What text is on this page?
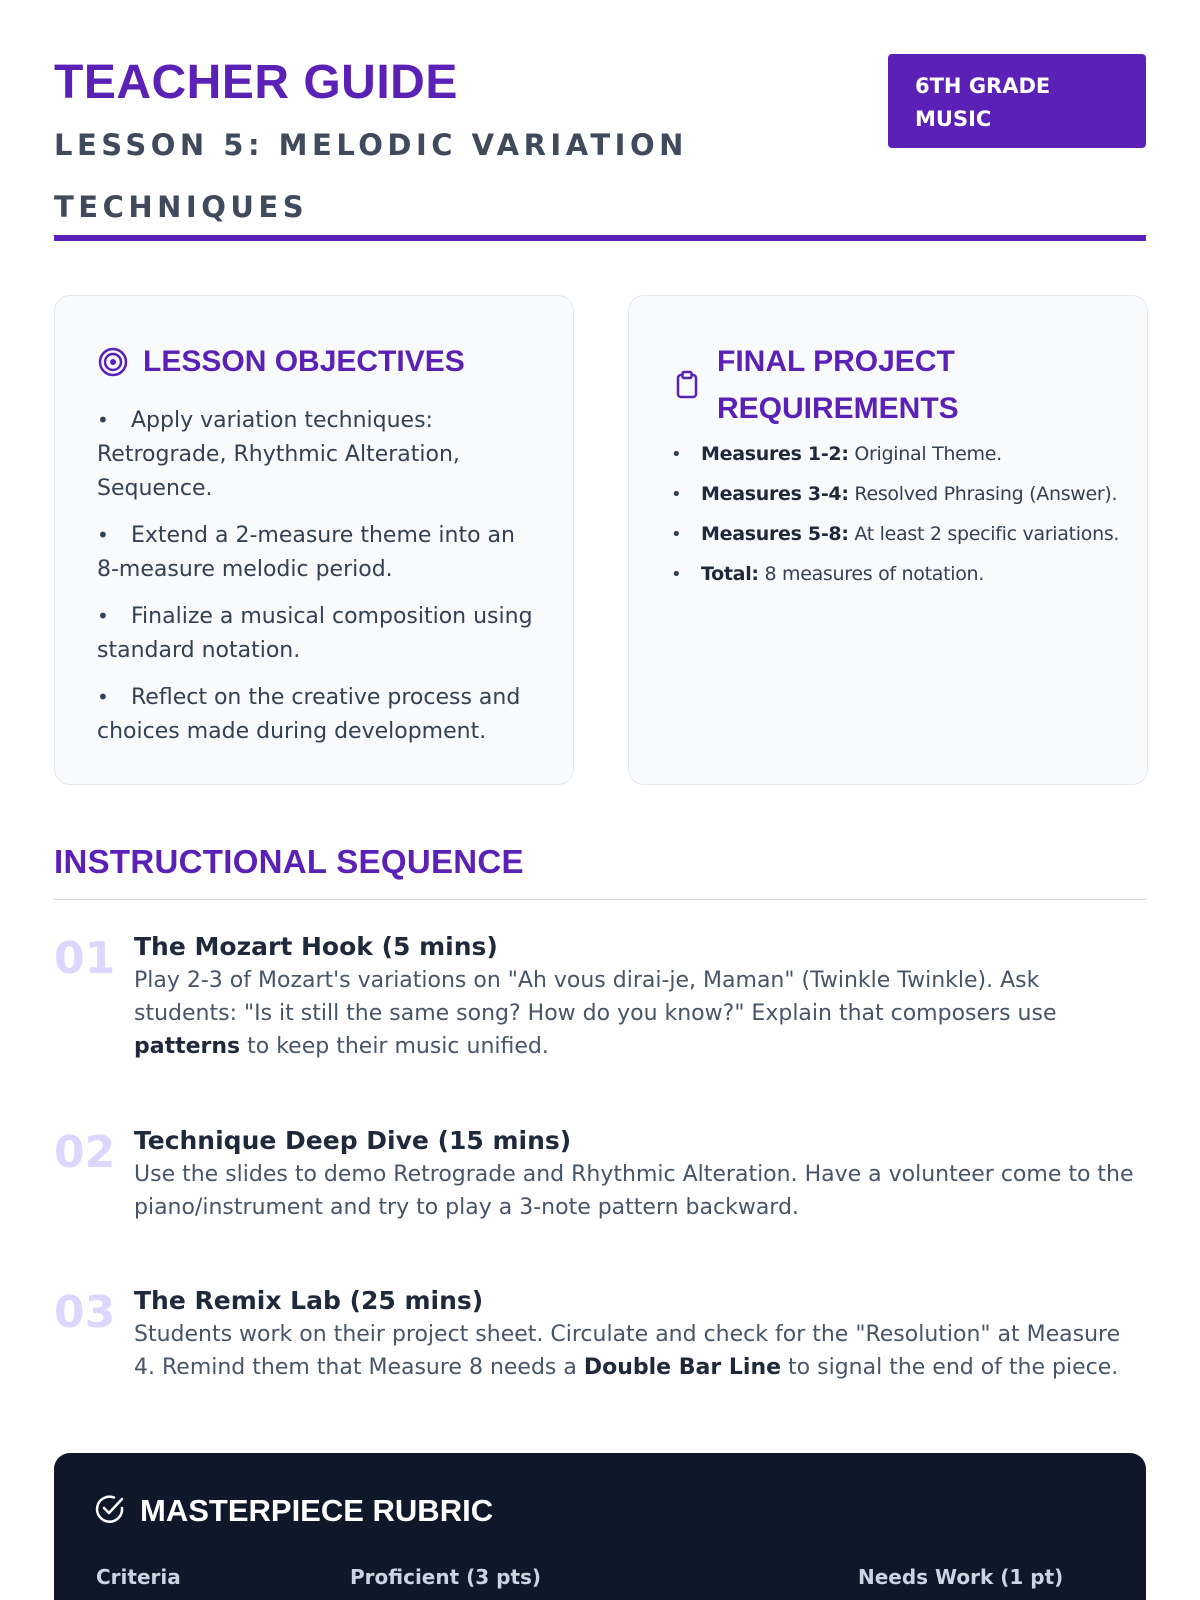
TEACHER GUIDE
LESSON 5: MELODIC VARIATION TECHNIQUES
6TH GRADE MUSIC
LESSON OBJECTIVES
• Apply variation techniques: Retrograde, Rhythmic Alteration, Sequence.
• Extend a 2-measure theme into an 8-measure melodic period.
• Finalize a musical composition using standard notation.
• Reflect on the creative process and choices made during development.
FINAL PROJECT REQUIREMENTS
• Measures 1-2: Original Theme.
• Measures 3-4: Resolved Phrasing (Answer).
• Measures 5-8: At least 2 specific variations.
• Total: 8 measures of notation.
INSTRUCTIONAL SEQUENCE
01 The Mozart Hook (5 mins)
Play 2-3 of Mozart's variations on "Ah vous dirai-je, Maman" (Twinkle Twinkle). Ask students: "Is it still the same song? How do you know?" Explain that composers use patterns to keep their music unified.
02 Technique Deep Dive (15 mins)
Use the slides to demo Retrograde and Rhythmic Alteration. Have a volunteer come to the piano/instrument and try to play a 3-note pattern backward.
03 The Remix Lab (25 mins)
Students work on their project sheet. Circulate and check for the "Resolution" at Measure 4. Remind them that Measure 8 needs a Double Bar Line to signal the end of the piece.
MASTERPIECE RUBRIC
Criteria	Proficient (3 pts)	Needs Work (1 pt)
